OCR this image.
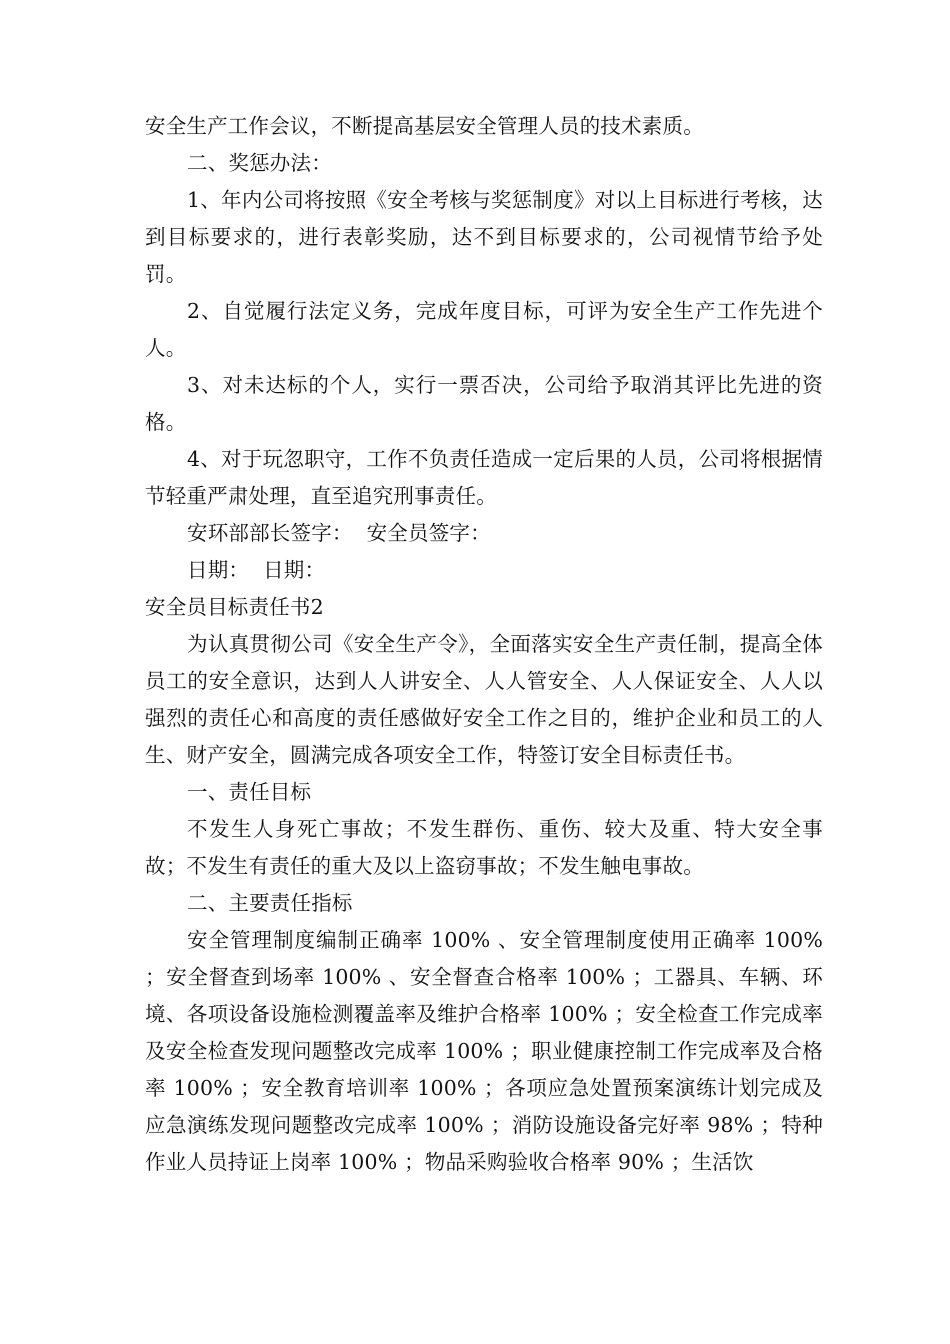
安全生产工作会议，不断提高基层安全管理人员的技术素质。

二、奖惩办法：

1、年内公司将按照《安全考核与奖惩制度》对以上目标进行考核，达到目标要求的，进行表彰奖励，达不到目标要求的，公司视情节给予处罚。

2、自觉履行法定义务，完成年度目标，可评为安全生产工作先进个人。

3、对未达标的个人，实行一票否决，公司给予取消其评比先进的资格。

4、对于玩忽职守，工作不负责任造成一定后果的人员，公司将根据情节轻重严肃处理，直至追究刑事责任。

安环部部长签字： 安全员签字：

日期： 日期：

安全员目标责任书2

为认真贯彻公司《安全生产令》，全面落实安全生产责任制，提高全体员工的安全意识，达到人人讲安全、人人管安全、人人保证安全、人人以强烈的责任心和高度的责任感做好安全工作之目的，维护企业和员工的人生、财产安全，圆满完成各项安全工作，特签订安全目标责任书。

一、责任目标

不发生人身死亡事故；不发生群伤、重伤、较大及重、特大安全事故；不发生有责任的重大及以上盗窃事故；不发生触电事故。

二、主要责任指标

安全管理制度编制正确率 100% 、安全管理制度使用正确率 100% ；安全督查到场率 100% 、安全督查合格率 100% ；工器具、车辆、环境、各项设备设施检测覆盖率及维护合格率 100% ；安全检查工作完成率及安全检查发现问题整改完成率 100% ；职业健康控制工作完成率及合格率 100% ；安全教育培训率 100% ；各项应急处置预案演练计划完成及应急演练发现问题整改完成率 100% ；消防设施设备完好率 98% ；特种作业人员持证上岗率 100% ；物品采购验收合格率 90% ；生活饮
